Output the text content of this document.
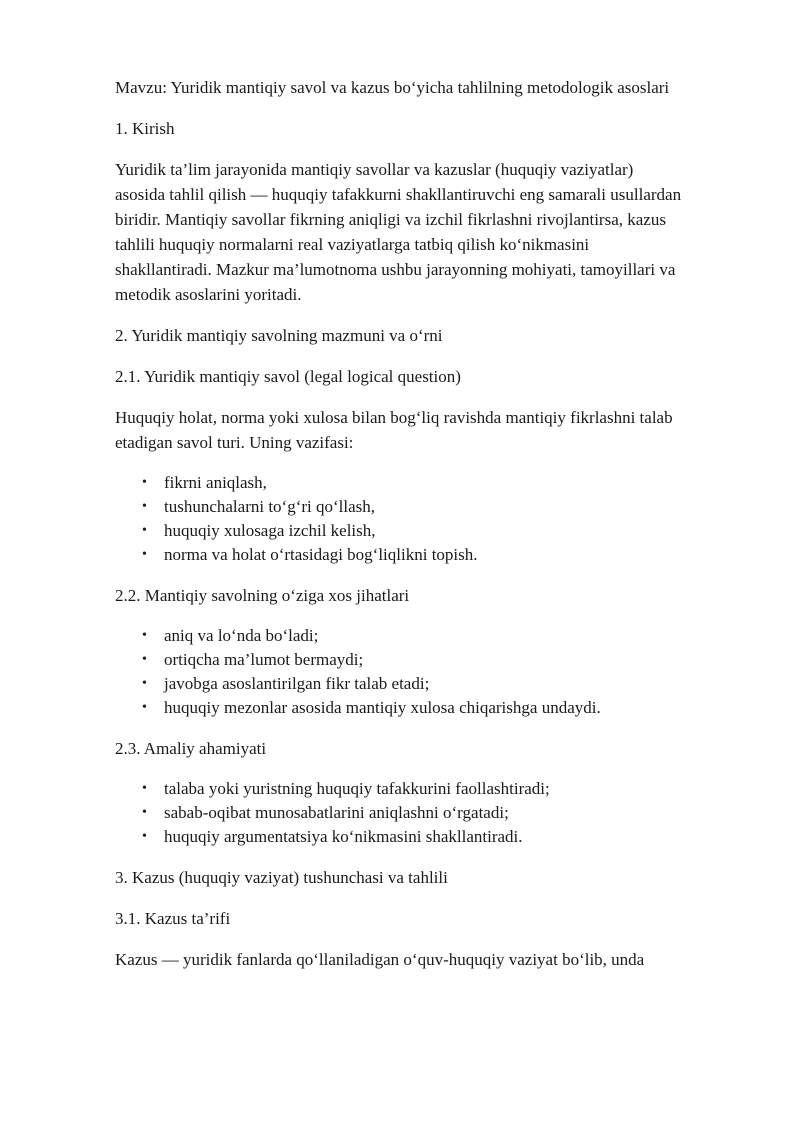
Mavzu: Yuridik mantiqiy savol va kazus bo‘yicha tahlilning metodologik asoslari

1. Kirish

Yuridik ta’lim jarayonida mantiqiy savollar va kazuslar (huquqiy vaziyatlar)

asosida tahlil qilish — huquqiy tafakkurni shakllantiruvchi eng samarali usullardan

biridir. Mantiqiy savollar fikrning aniqligi va izchil fikrlashni rivojlantirsa, kazus

tahlili huquqiy normalarni real vaziyatlarga tatbiq qilish ko‘nikmasini

shakllantiradi. Mazkur ma’lumotnoma ushbu jarayonning mohiyati, tamoyillari va

metodik asoslarini yoritadi.

2. Yuridik mantiqiy savolning mazmuni va o‘rni

2.1. Yuridik mantiqiy savol (legal logical question)

Huquqiy holat, norma yoki xulosa bilan bog‘liq ravishda mantiqiy fikrlashni talab

etadigan savol turi. Uning vazifasi:

• fikrni aniqlash,
• tushunchalarni to‘g‘ri qo‘llash,
• huquqiy xulosaga izchil kelish,
• norma va holat o‘rtasidagi bog‘liqlikni topish.

2.2. Mantiqiy savolning o‘ziga xos jihatlari

• aniq va lo‘nda bo‘ladi;
• ortiqcha ma’lumot bermaydi;
• javobga asoslantirilgan fikr talab etadi;
• huquqiy mezonlar asosida mantiqiy xulosa chiqarishga undaydi.

2.3. Amaliy ahamiyati

• talaba yoki yuristning huquqiy tafakkurini faollashtiradi;
• sabab-oqibat munosabatlarini aniqlashni o‘rgatadi;
• huquqiy argumentatsiya ko‘nikmasini shakllantiradi.

3. Kazus (huquqiy vaziyat) tushunchasi va tahlili

3.1. Kazus ta’rifi

Kazus — yuridik fanlarda qo‘llaniladigan o‘quv-huquqiy vaziyat bo‘lib, unda
